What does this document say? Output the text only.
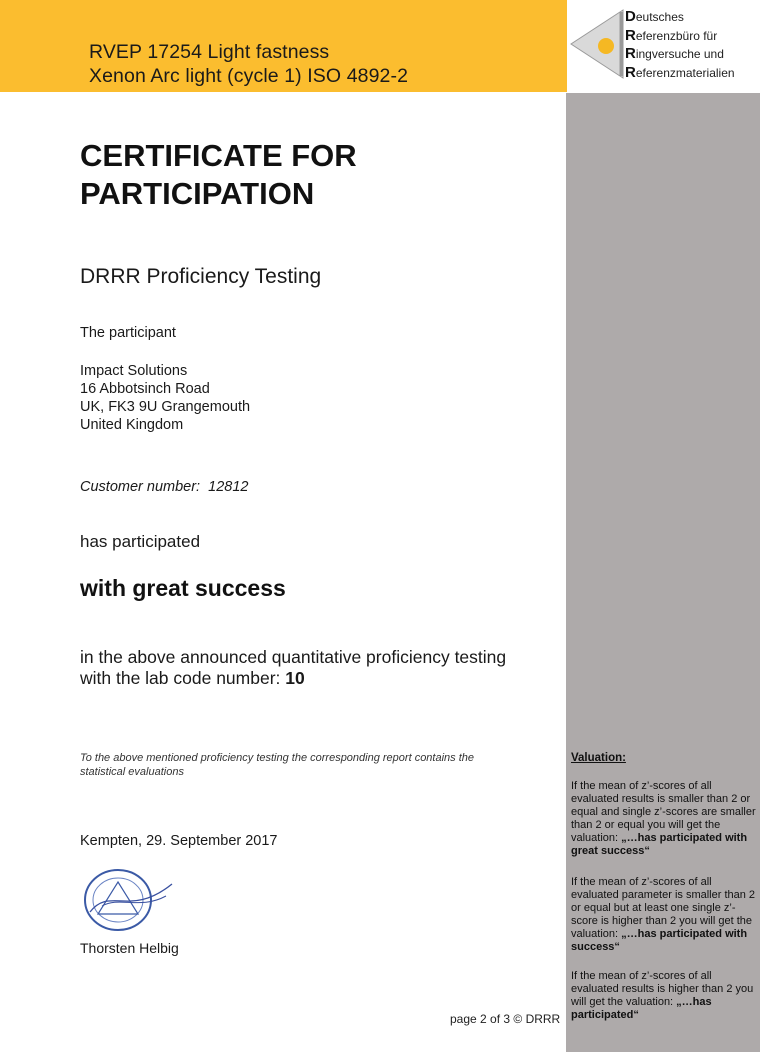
RVEP 17254 Light fastness
Xenon Arc light (cycle 1) ISO 4892-2
Deutsches
Referenzbüro für
Ringversuche und
Referenzmaterialien
CERTIFICATE FOR
PARTICIPATION
DRRR Proficiency Testing
The participant
Impact Solutions
16 Abbotsinch Road
UK, FK3 9U Grangemouth
United Kingdom
Customer number: 12812
has participated
with great success
in the above announced quantitative proficiency testing
with the lab code number: 10
To the above mentioned proficiency testing the corresponding report contains the statistical evaluations
Kempten, 29. September 2017
Thorsten Helbig
page 2 of 3 © DRRR
Valuation:
If the mean of z’-scores of all
evaluated results is smaller than 2 or
equal and single z’-scores are smaller
than 2 or equal you will get the
valuation: „…has participated with great success“
If the mean of z’-scores of all
evaluated parameter is smaller than 2
or equal but at least one single z’-
score is higher than 2 you will get the
valuation: „…has participated with success“
If the mean of z’-scores of all
evaluated results is higher than 2 you
will get the valuation: „…has participated“
